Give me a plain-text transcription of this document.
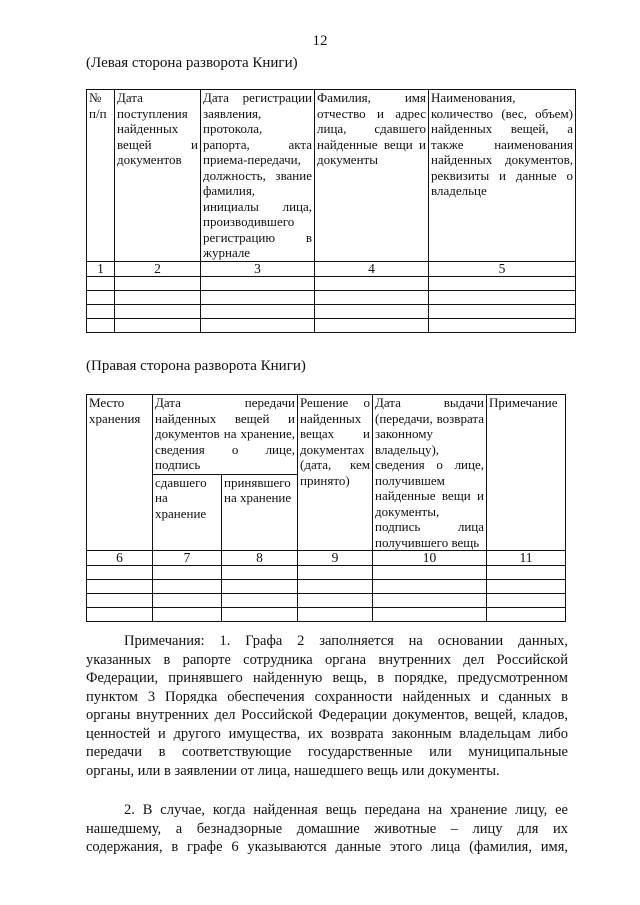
12
(Левая сторона разворота Книги)
№ п/п	Дата поступления найденных вещей и документов	Дата регистрации заявления, протокола, рапорта, акта приема-передачи, должность, звание фамилия, инициалы лица, производившего регистрацию в журнале	Фамилия, имя отчество и адрес лица, сдавшего найденные вещи и документы	Наименования, количество (вес, объем) найденных вещей, а также наименования найденных документов, реквизиты и данные о владельце
1	2	3	4	5

(Правая сторона разворота Книги)
Место хранения	Дата передачи найденных вещей и документов на хранение, сведения о лице, подпись		Решение о найденных вещах и документах (дата, кем принято)	Дата выдачи (передачи, возврата законному владельцу), сведения о лице, получившем найденные вещи и документы, подпись лица получившего вещь	Примечание
	сдавшего на хранение	принявшего на хранение			
6	7	8	9	10	11

Примечания: 1. Графа 2 заполняется на основании данных,
указанных в рапорте сотрудника органа внутренних дел Российской
Федерации, принявшего найденную вещь, в порядке, предусмотренном
пунктом 3 Порядка обеспечения сохранности найденных и сданных в
органы внутренних дел Российской Федерации документов, вещей, кладов,
ценностей и другого имущества, их возврата законным владельцам либо
передачи в соответствующие государственные или муниципальные
органы, или в заявлении от лица, нашедшего вещь или документы.
2. В случае, когда найденная вещь передана на хранение лицу, ее
нашедшему, а безнадзорные домашние животные – лицу для их
содержания, в графе 6 указываются данные этого лица (фамилия, имя,
